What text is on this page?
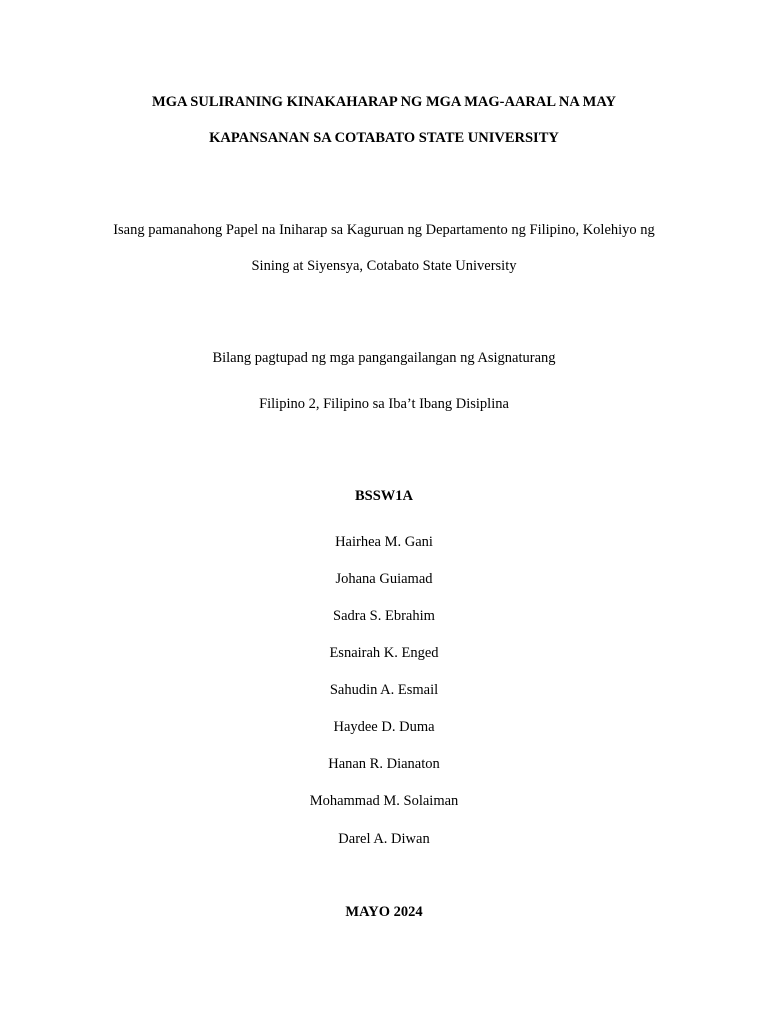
MGA SULIRANING KINAKAHARAP NG MGA MAG-AARAL NA MAY
KAPANSANAN SA COTABATO STATE UNIVERSITY
Isang pamanahong Papel na Iniharap sa Kaguruan ng Departamento ng Filipino, Kolehiyo ng
Sining at Siyensya, Cotabato State University
Bilang pagtupad ng mga pangangailangan ng Asignaturang
Filipino 2, Filipino sa Iba’t Ibang Disiplina
BSSW1A
Hairhea M. Gani
Johana Guiamad
Sadra S. Ebrahim
Esnairah K. Enged
Sahudin A. Esmail
Haydee D. Duma
Hanan R. Dianaton
Mohammad M. Solaiman
Darel A. Diwan
MAYO 2024
